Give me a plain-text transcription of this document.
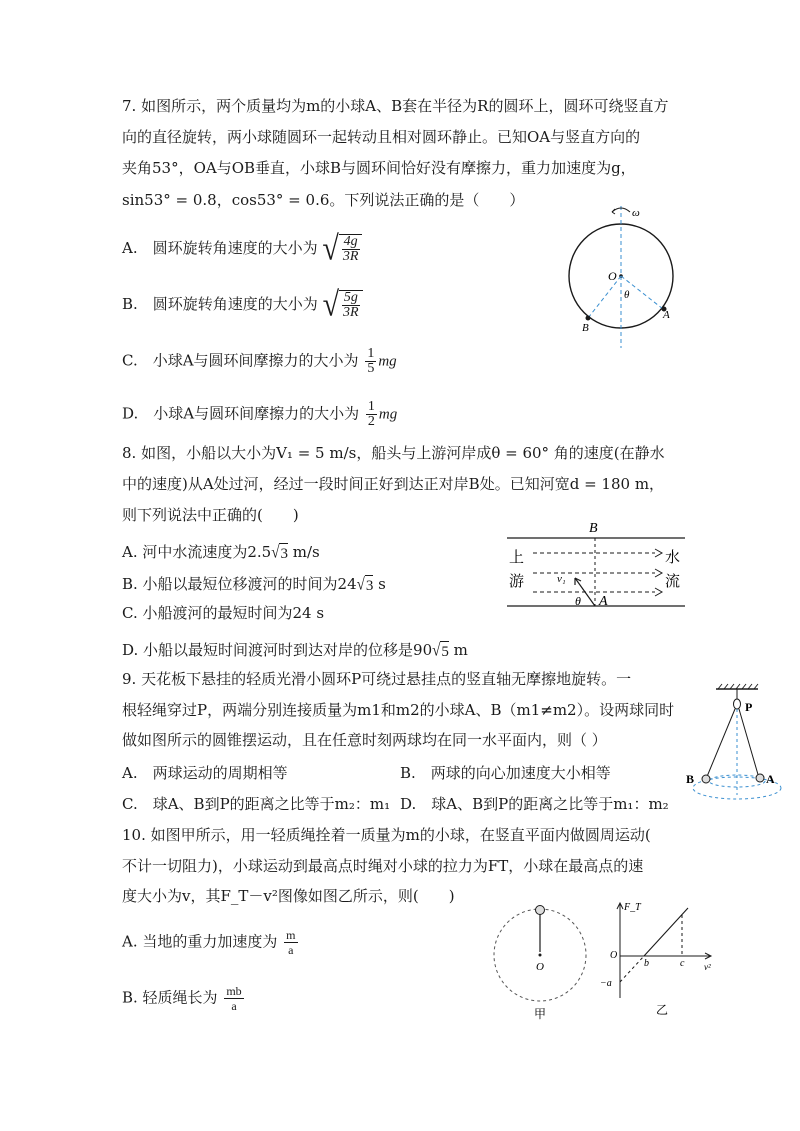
7. 如图所示，两个质量均为m的小球A、B套在半径为R的圆环上，圆环可绕竖直方
向的直径旋转，两小球随圆环一起转动且相对圆环静止。已知OA与竖直方向的
夹角53°，OA与OB垂直，小球B与圆环间恰好没有摩擦力，重力加速度为g，
sin53° = 0.8，cos53° = 0.6。下列说法正确的是（　　）
A.　圆环旋转角速度的大小为 √ $\frac{4g}{3R}$
B.　圆环旋转角速度的大小为 √ $\frac{5g}{3R}$
C.　小球A与圆环间摩擦力的大小为 $\frac{1}{5}$ mg
D.　小球A与圆环间摩擦力的大小为 $\frac{1}{2}$ mg
ω
O
θ
A
B
8. 如图，小船以大小为V₁ = 5 m/s，船头与上游河岸成θ = 60° 角的速度(在静水
中的速度)从A处过河，经过一段时间正好到达正对岸B处。已知河宽d = 180 m，
则下列说法中正确的(　　)
A. 河中水流速度为2.5 √ 3 m/s
B. 小船以最短位移渡河的时间为24 √ 3 s
C. 小船渡河的最短时间为24 s
D. 小船以最短时间渡河时到达对岸的位移是90 √ 5 m
B
上
游
水
流
v₁
θ A
9. 天花板下悬挂的轻质光滑小圆环P可绕过悬挂点的竖直轴无摩擦地旋转。一
根轻绳穿过P，两端分别连接质量为m1和m2的小球A、B（m1≠m2）。设两球同时
做如图所示的圆锥摆运动，且在任意时刻两球均在同一水平面内，则（ ）
A.　两球运动的周期相等	B.　两球的向心加速度大小相等
C.　球A、B到P的距离之比等于m₂：m₁ D.　球A、B到P的距离之比等于m₁：m₂
P
B	A
10. 如图甲所示，用一轻质绳拴着一质量为m的小球，在竖直平面内做圆周运动(
不计一切阻力)，小球运动到最高点时绳对小球的拉力为FT，小球在最高点的速
度大小为v，其F_T－v²图像如图乙所示，则(　　)
A. 当地的重力加速度为 $\frac{m}{a}$
B. 轻质绳长为 $\frac{mb}{a}$
O
甲
F_T
O
v²
b	c
−a
乙
